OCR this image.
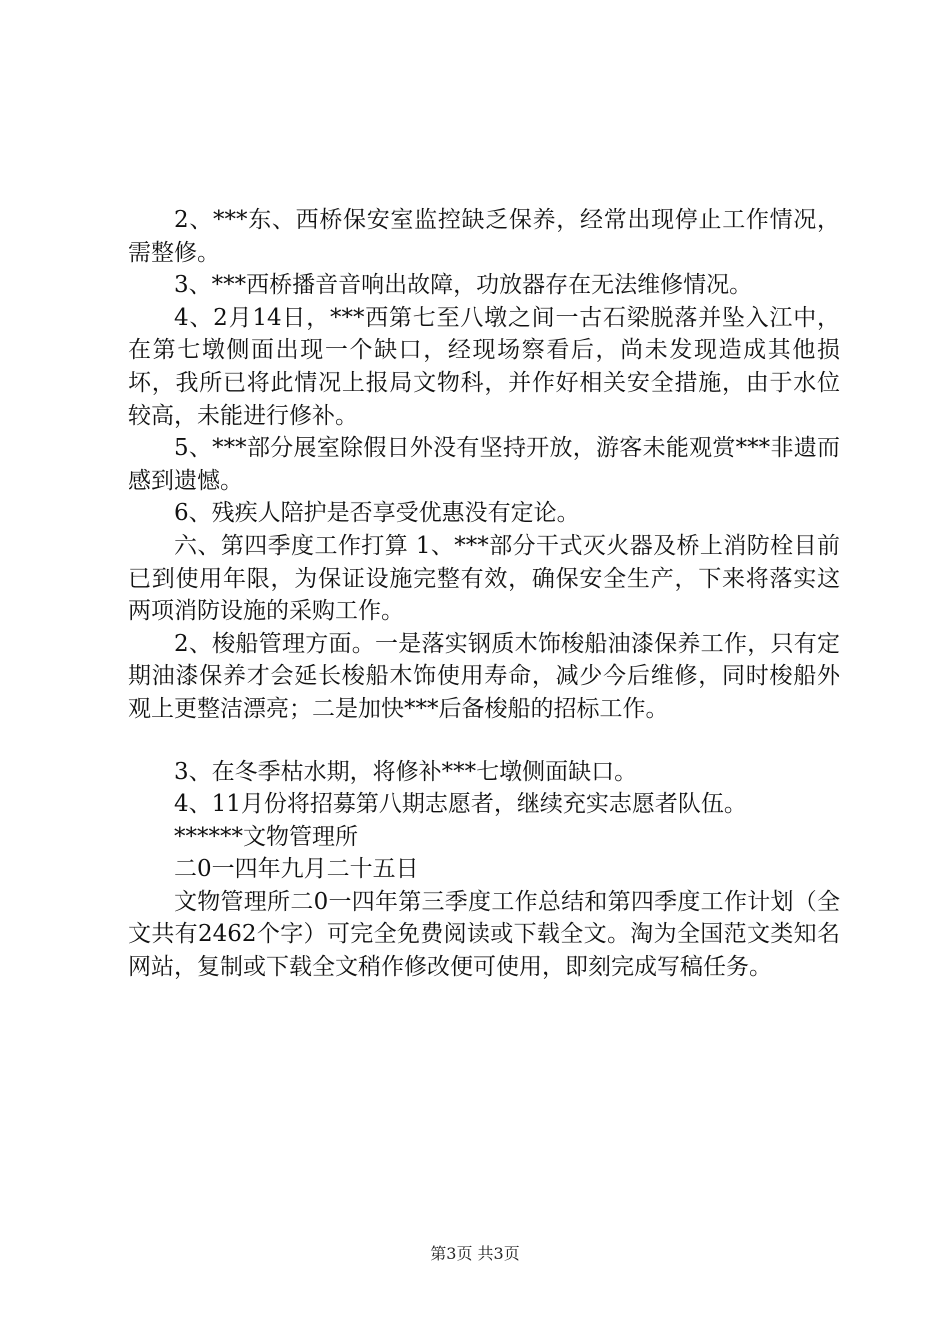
2、***东、西桥保安室监控缺乏保养，经常出现停止工作情况，需整修。

3、***西桥播音音响出故障，功放器存在无法维修情况。

4、2月14日，***西第七至八墩之间一古石梁脱落并坠入江中，在第七墩侧面出现一个缺口，经现场察看后，尚未发现造成其他损坏，我所已将此情况上报局文物科，并作好相关安全措施，由于水位较高，未能进行修补。

5、***部分展室除假日外没有坚持开放，游客未能观赏***非遗而感到遗憾。

6、残疾人陪护是否享受优惠没有定论。

六、第四季度工作打算 1、***部分干式灭火器及桥上消防栓目前已到使用年限，为保证设施完整有效，确保安全生产，下来将落实这两项消防设施的采购工作。

2、梭船管理方面。一是落实钢质木饰梭船油漆保养工作，只有定期油漆保养才会延长梭船木饰使用寿命，减少今后维修，同时梭船外观上更整洁漂亮；二是加快***后备梭船的招标工作。

3、在冬季枯水期，将修补***七墩侧面缺口。

4、11月份将招募第八期志愿者，继续充实志愿者队伍。

******文物管理所

二0一四年九月二十五日

文物管理所二0一四年第三季度工作总结和第四季度工作计划（全文共有2462个字）可完全免费阅读或下载全文。淘为全国范文类知名网站，复制或下载全文稍作修改便可使用，即刻完成写稿任务。

第3页 共3页
